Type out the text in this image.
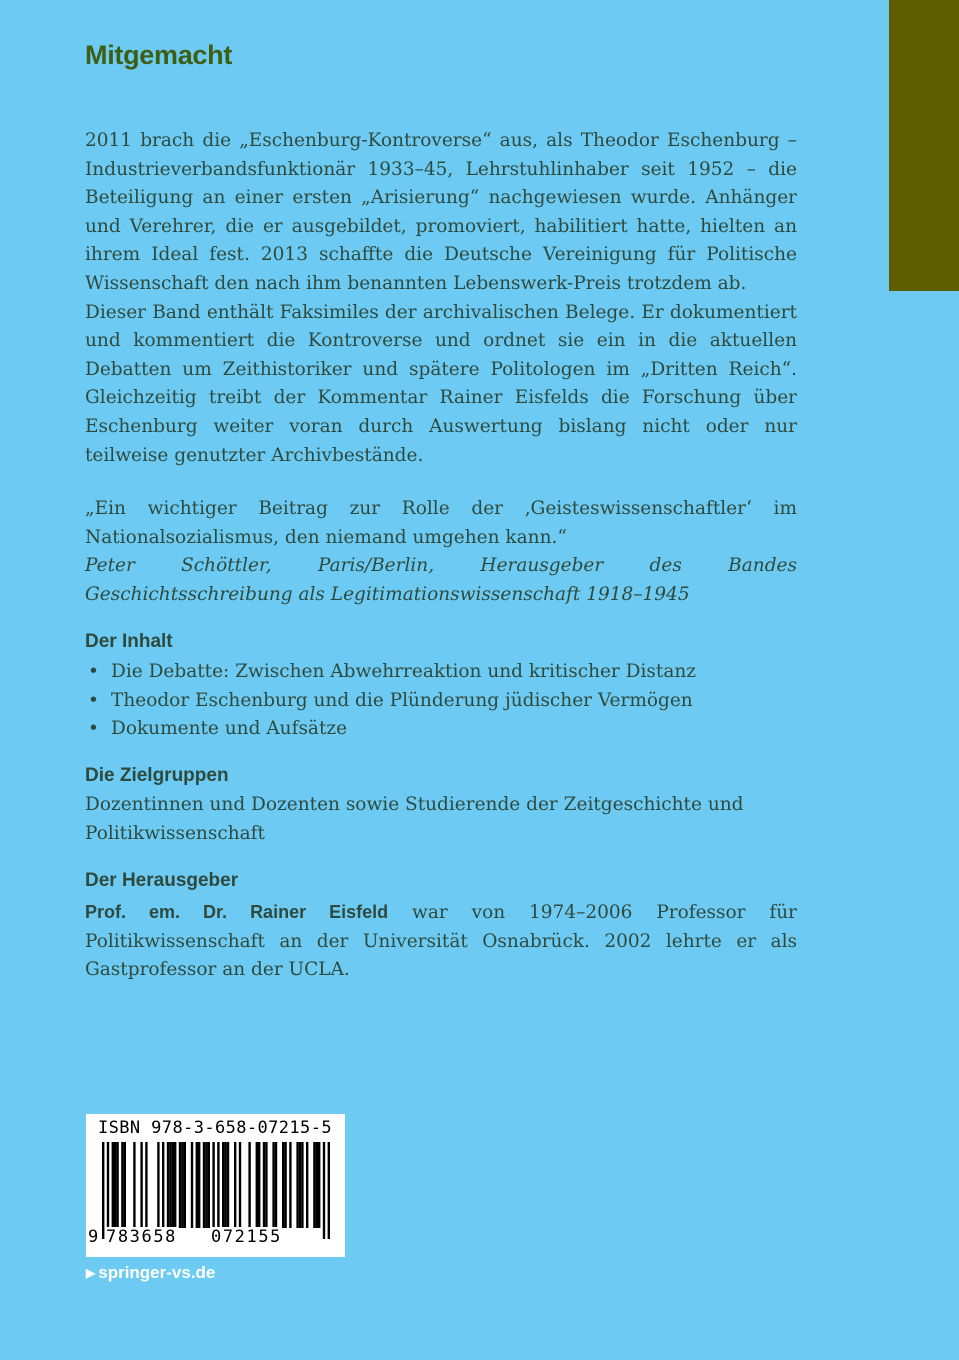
Mitgemacht

2011 brach die „Eschenburg-Kontroverse“ aus, als Theodor Eschenburg – Industrieverbandsfunktionär 1933–45, Lehrstuhlinhaber seit 1952 – die Beteiligung an einer ersten „Arisierung“ nachgewiesen wurde. Anhänger und Verehrer, die er ausgebildet, promoviert, habilitiert hatte, hielten an ihrem Ideal fest. 2013 schaffte die Deutsche Vereinigung für Politische Wissenschaft den nach ihm benannten Lebenswerk-Preis trotzdem ab.

Dieser Band enthält Faksimiles der archivalischen Belege. Er dokumentiert und kommentiert die Kontroverse und ordnet sie ein in die aktuellen Debatten um Zeithistoriker und spätere Politologen im „Dritten Reich“. Gleichzeitig treibt der Kommentar Rainer Eisfelds die Forschung über Eschenburg weiter voran durch Auswertung bislang nicht oder nur teilweise genutzter Archivbestände.

„Ein wichtiger Beitrag zur Rolle der ‚Geisteswissenschaftler‘ im Nationalsozialismus, den niemand umgehen kann.“

Peter Schöttler, Paris/Berlin, Herausgeber des Bandes Geschichtsschreibung als Legitimationswissenschaft 1918–1945

Der Inhalt
• Die Debatte: Zwischen Abwehrreaktion und kritischer Distanz
• Theodor Eschenburg und die Plünderung jüdischer Vermögen
• Dokumente und Aufsätze
Die Zielgruppen
Dozentinnen und Dozenten sowie Studierende der Zeitgeschichte und Politikwissenschaft
Der Herausgeber
Prof. em. Dr. Rainer Eisfeld war von 1974–2006 Professor für Politikwissenschaft an der Universität Osnabrück. 2002 lehrte er als Gastprofessor an der UCLA.
ISBN 978-3-658-07215-5
9 783658 072155
▶ springer-vs.de
